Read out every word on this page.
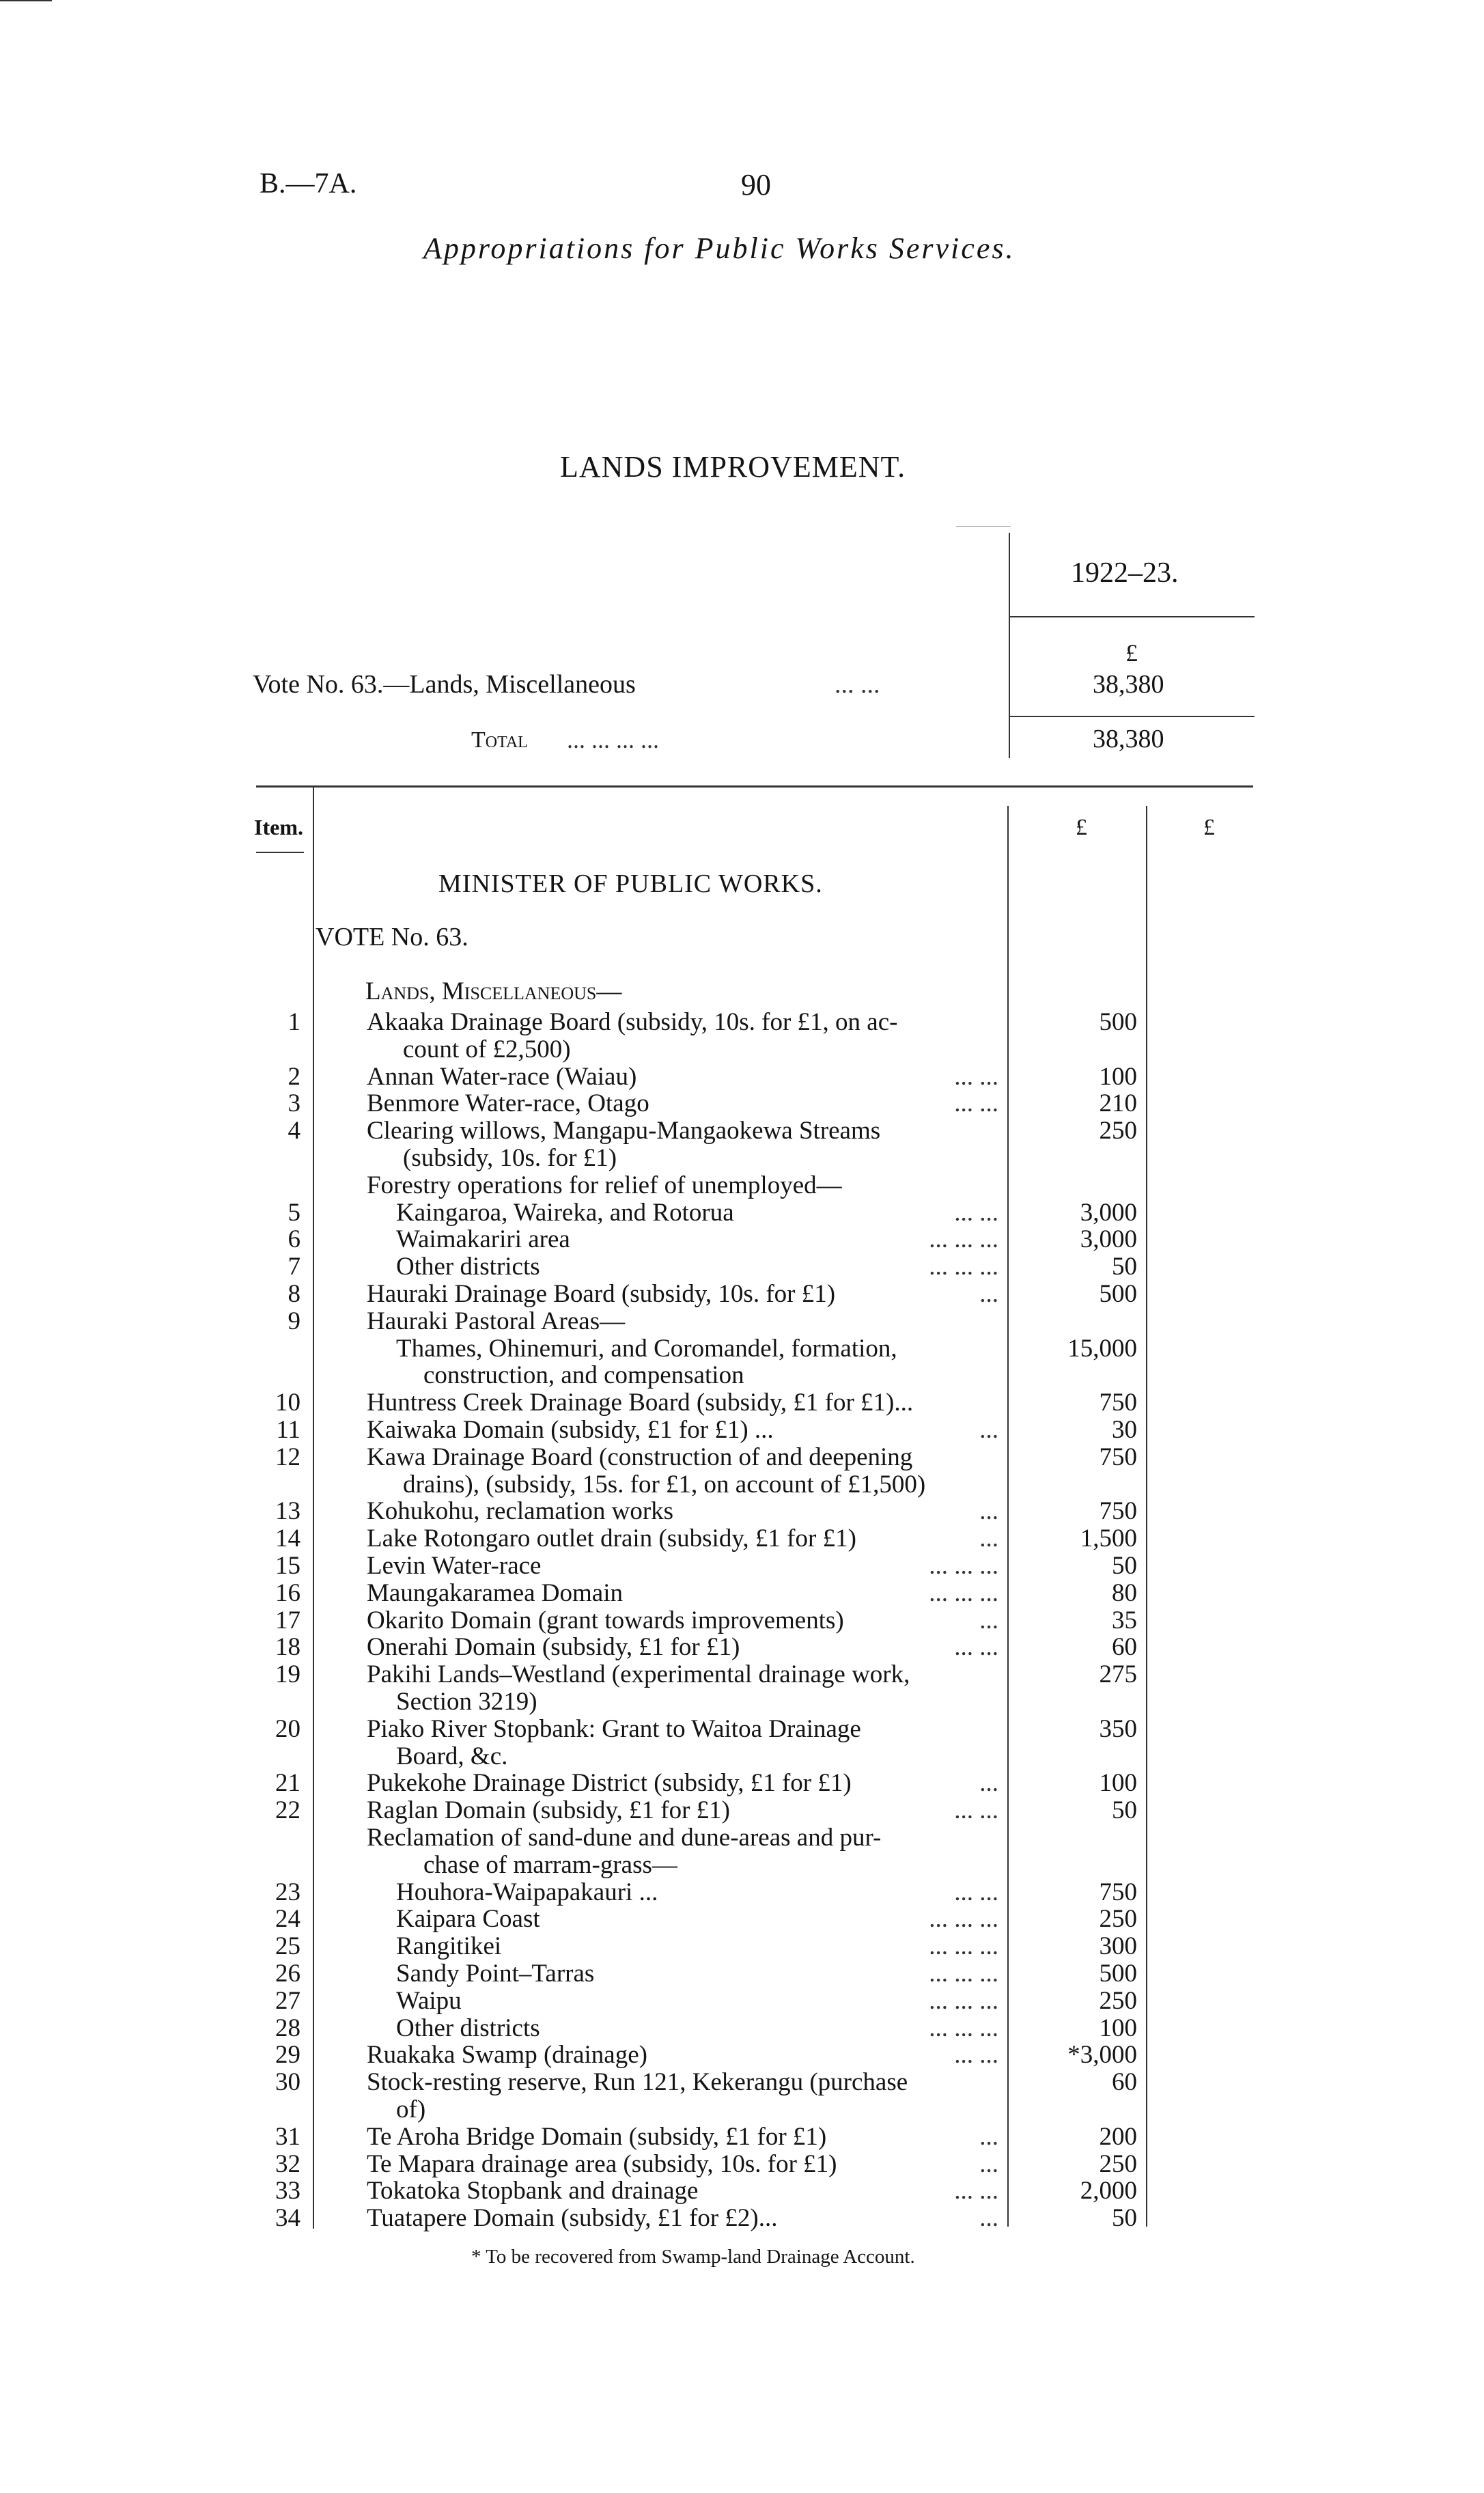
B.—7A.	90
Appropriations for Public Works Services.
LANDS IMPROVEMENT.
1922–23.
£
Vote No. 63.—Lands, Miscellaneous	... ...	38,380
Total ... ... ... ...	38,380
Item.	£	£
MINISTER OF PUBLIC WORKS.
VOTE No. 63.
Lands, Miscellaneous—
1	Akaaka Drainage Board (subsidy, 10s. for £1, on ac-	500
count of £2,500)
2	Annan Water-race (Waiau)	... ...	100
3	Benmore Water-race, Otago	... ...	210
4	Clearing willows, Mangapu-Mangaokewa Streams	250
(subsidy, 10s. for £1)
Forestry operations for relief of unemployed—
5	Kaingaroa, Waireka, and Rotorua	... ...	3,000
6	Waimakariri area	... ... ...	3,000
7	Other districts	... ... ...	50
8	Hauraki Drainage Board (subsidy, 10s. for £1)	...	500
9	Hauraki Pastoral Areas—
Thames, Ohinemuri, and Coromandel, formation,	15,000
construction, and compensation
10	Huntress Creek Drainage Board (subsidy, £1 for £1)...	750
11	Kaiwaka Domain (subsidy, £1 for £1) ...	...	30
12	Kawa Drainage Board (construction of and deepening	750
drains), (subsidy, 15s. for £1, on account of £1,500)
13	Kohukohu, reclamation works	...	750
14	Lake Rotongaro outlet drain (subsidy, £1 for £1)	...	1,500
15	Levin Water-race	... ... ...	50
16	Maungakaramea Domain	... ... ...	80
17	Okarito Domain (grant towards improvements)	...	35
18	Onerahi Domain (subsidy, £1 for £1)	... ...	60
19	Pakihi Lands–Westland (experimental drainage work,	275
Section 3219)
20	Piako River Stopbank: Grant to Waitoa Drainage	350
Board, &c.
21	Pukekohe Drainage District (subsidy, £1 for £1)	...	100
22	Raglan Domain (subsidy, £1 for £1)	... ...	50
Reclamation of sand-dune and dune-areas and pur-
chase of marram-grass—
23	Houhora-Waipapakauri ...	... ...	750
24	Kaipara Coast	... ... ...	250
25	Rangitikei	... ... ...	300
26	Sandy Point–Tarras	... ... ...	500
27	Waipu	... ... ...	250
28	Other districts	... ... ...	100
29	Ruakaka Swamp (drainage)	... ...	*3,000
30	Stock-resting reserve, Run 121, Kekerangu (purchase	60
of)
31	Te Aroha Bridge Domain (subsidy, £1 for £1)	...	200
32	Te Mapara drainage area (subsidy, 10s. for £1)	...	250
33	Tokatoka Stopbank and drainage	... ...	2,000
34	Tuatapere Domain (subsidy, £1 for £2)...	...	50
* To be recovered from Swamp-land Drainage Account.
